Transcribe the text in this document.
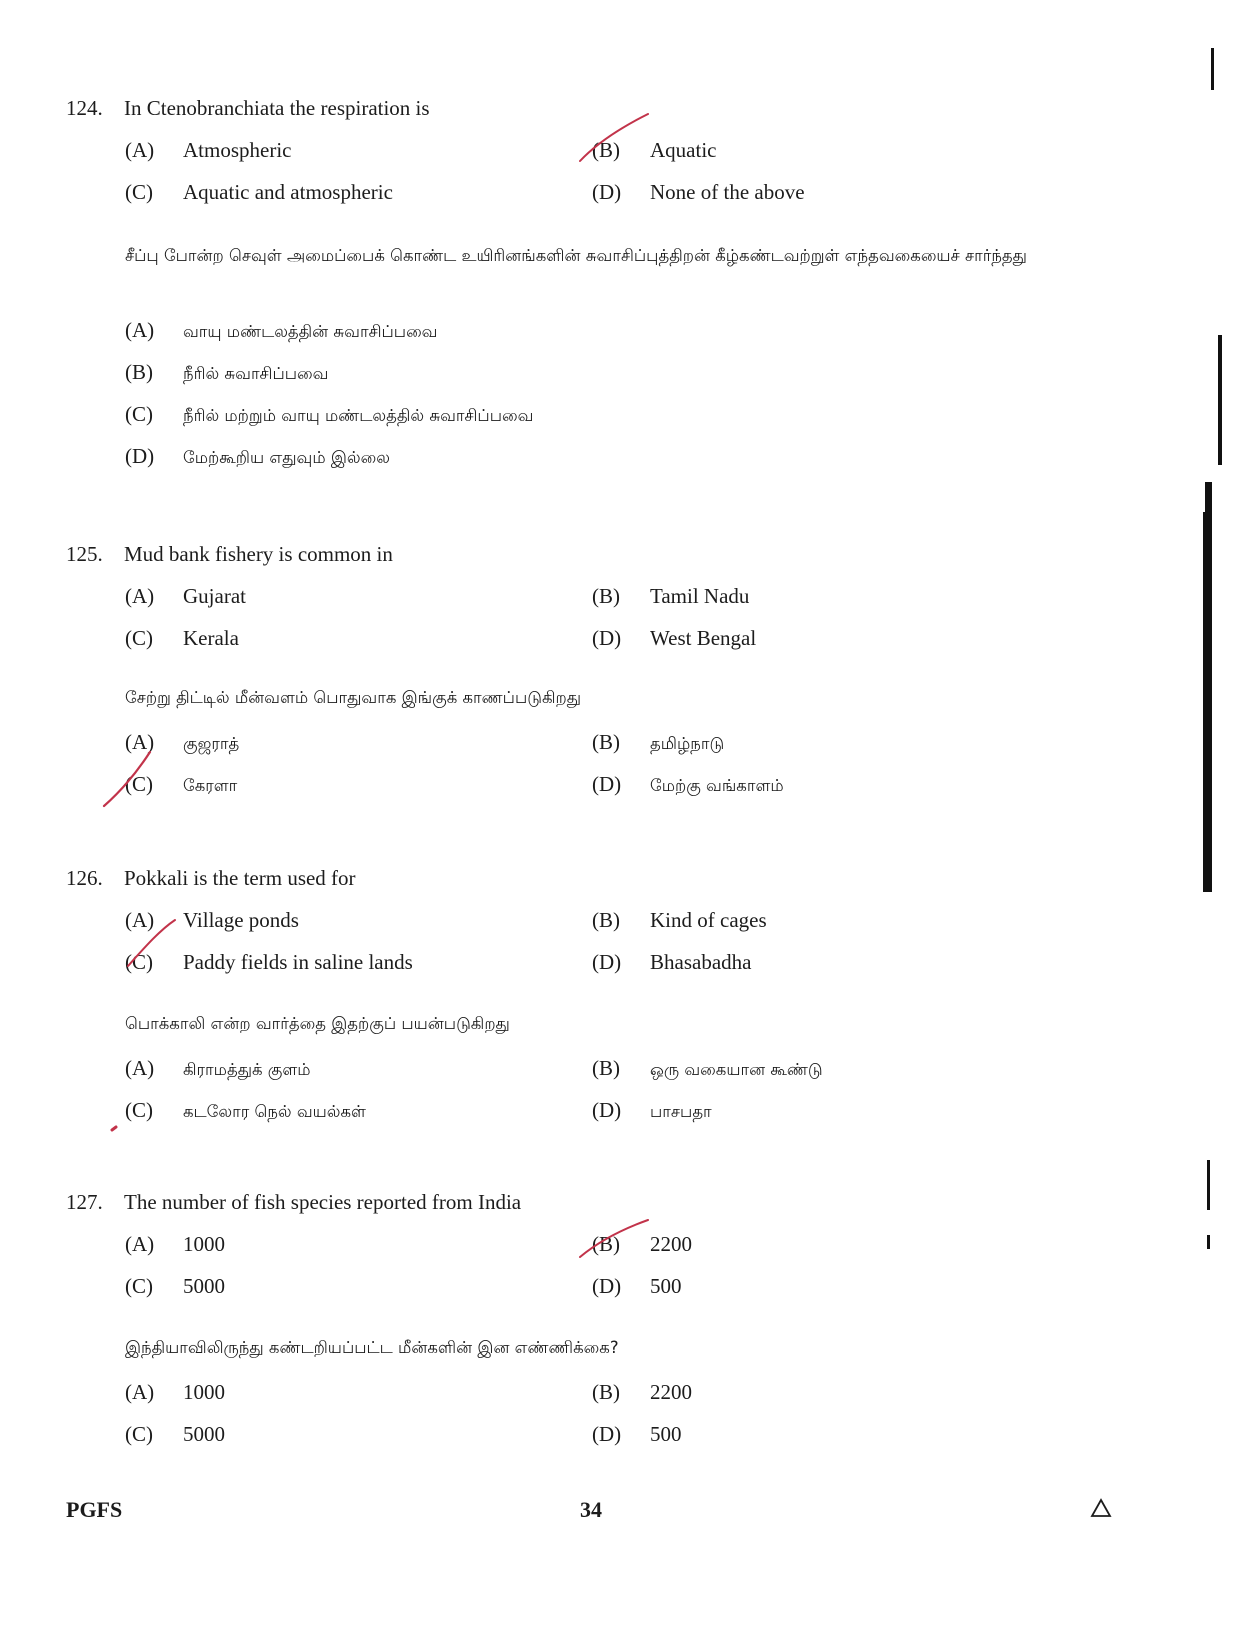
124. In Ctenobranchiata the respiration is
(A) Atmospheric	(B) Aquatic
(C) Aquatic and atmospheric	(D) None of the above
சீப்பு போன்ற செவுள் அமைப்பைக் கொண்ட உயிரினங்களின் சுவாசிப்புத்திறன் கீழ்கண்டவற்றுள் எந்தவகையைச் சார்ந்தது
(A) வாயு மண்டலத்தின் சுவாசிப்பவை
(B) நீரில் சுவாசிப்பவை
(C) நீரில் மற்றும் வாயு மண்டலத்தில் சுவாசிப்பவை
(D) மேற்கூறிய எதுவும் இல்லை
125. Mud bank fishery is common in
(A) Gujarat	(B) Tamil Nadu
(C) Kerala	(D) West Bengal
சேற்று திட்டில் மீன்வளம் பொதுவாக இங்குக் காணப்படுகிறது
(A) குஜராத்	(B) தமிழ்நாடு
(C) கேரளா	(D) மேற்கு வங்காளம்
126. Pokkali is the term used for
(A) Village ponds	(B) Kind of cages
(C) Paddy fields in saline lands	(D) Bhasabadha
பொக்காலி என்ற வார்த்தை இதற்குப் பயன்படுகிறது
(A) கிராமத்துக் குளம்	(B) ஒரு வகையான கூண்டு
(C) கடலோர நெல் வயல்கள்	(D) பாசபதா
127. The number of fish species reported from India
(A) 1000	(B) 2200
(C) 5000	(D) 500
இந்தியாவிலிருந்து கண்டறியப்பட்ட மீன்களின் இன எண்ணிக்கை?
(A) 1000	(B) 2200
(C) 5000	(D) 500
PGFS	34
